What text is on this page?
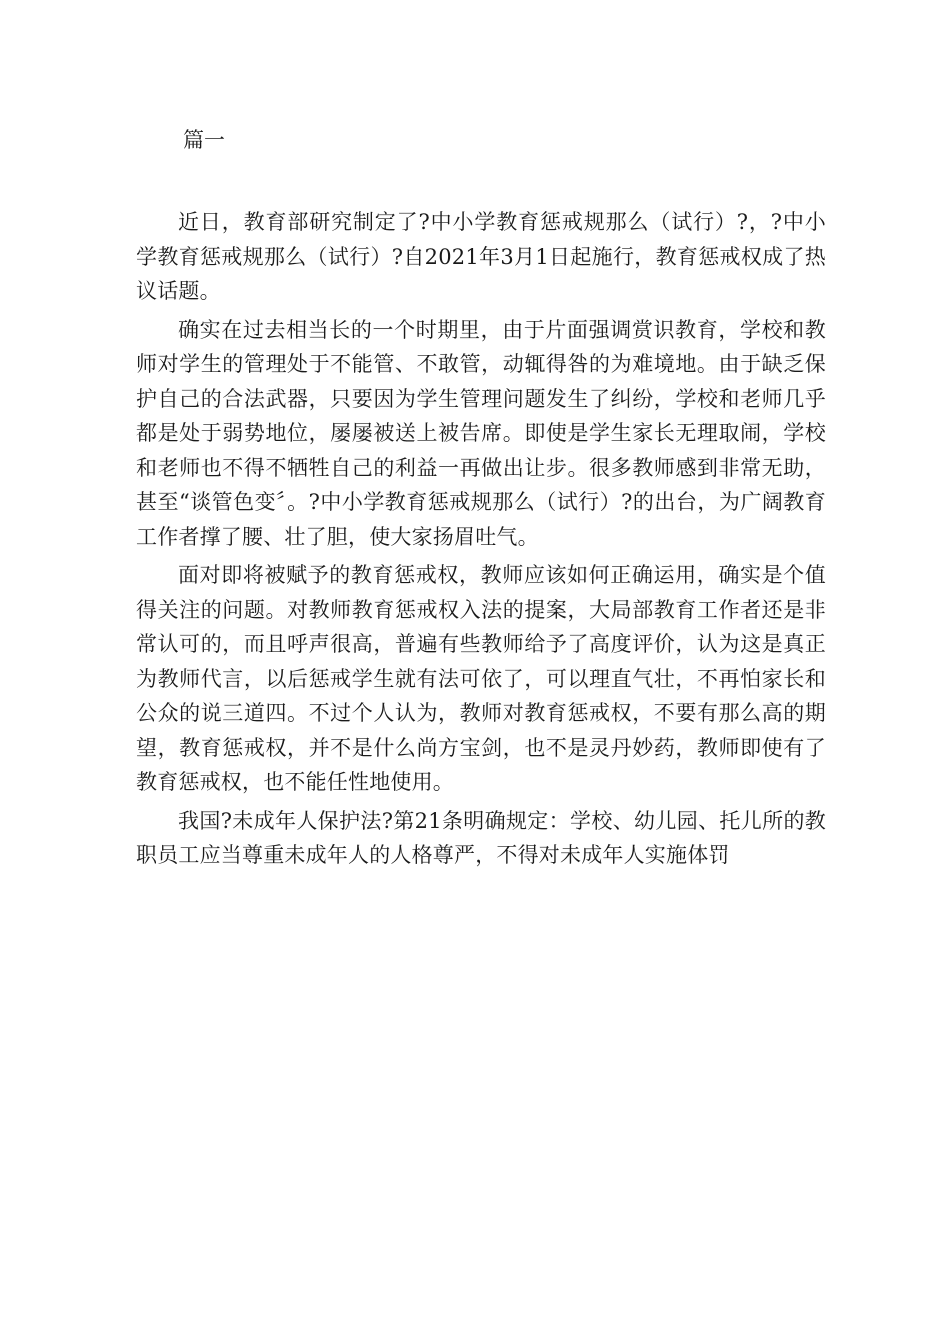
篇一

近日，教育部研究制定了?中小学教育惩戒规那么（试行）?，?中小学教育惩戒规那么（试行）?自2021年3月1日起施行，教育惩戒权成了热议话题。

确实在过去相当长的一个时期里，由于片面强调赏识教育，学校和教师对学生的管理处于不能管、不敢管，动辄得咎的为难境地。由于缺乏保护自己的合法武器，只要因为学生管理问题发生了纠纷，学校和老师几乎都是处于弱势地位，屡屡被送上被告席。即使是学生家长无理取闹，学校和老师也不得不牺牲自己的利益一再做出让步。很多教师感到非常无助，甚至“谈管色变〞。?中小学教育惩戒规那么（试行）?的出台，为广阔教育工作者撑了腰、壮了胆，使大家扬眉吐气。

面对即将被赋予的教育惩戒权，教师应该如何正确运用，确实是个值得关注的问题。对教师教育惩戒权入法的提案，大局部教育工作者还是非常认可的，而且呼声很高，普遍有些教师给予了高度评价，认为这是真正为教师代言，以后惩戒学生就有法可依了，可以理直气壮，不再怕家长和公众的说三道四。不过个人认为，教师对教育惩戒权，不要有那么高的期望，教育惩戒权，并不是什么尚方宝剑，也不是灵丹妙药，教师即使有了教育惩戒权，也不能任性地使用。

我国?未成年人保护法?第21条明确规定：学校、幼儿园、托儿所的教职员工应当尊重未成年人的人格尊严，不得对未成年人实施体罚
